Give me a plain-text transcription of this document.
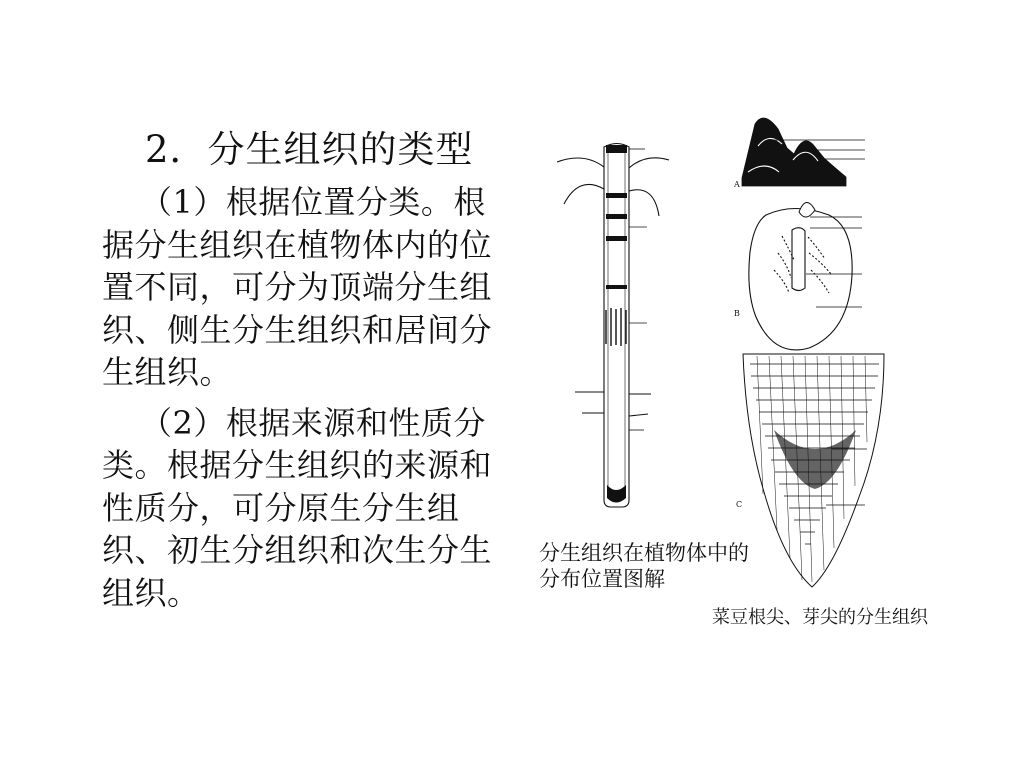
2．分生组织的类型

（1）根据位置分类。根据分生组织在植物体内的位置不同，可分为顶端分生组织、侧生分生组织和居间分生组织。

（2）根据来源和性质分类。根据分生组织的来源和性质分，可分原生分生组织、初生分组织和次生分生组织。

A
B
C
分生组织在植物体中的分布位置图解
菜豆根尖、芽尖的分生组织
